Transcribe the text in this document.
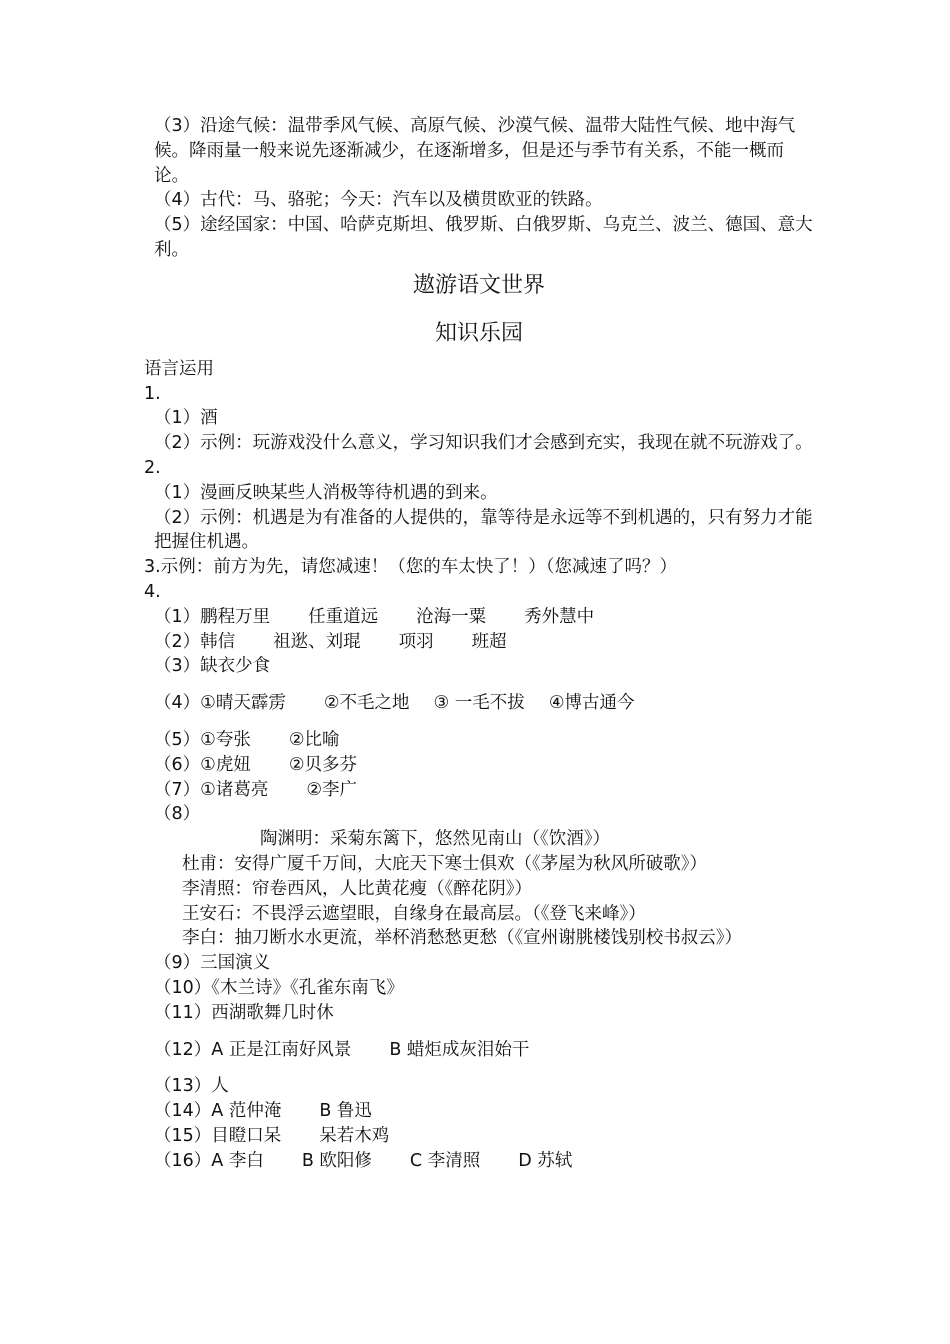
（3）沿途气候：温带季风气候、高原气候、沙漠气候、温带大陆性气候、地中海气候。降雨量一般来说先逐渐减少，在逐渐增多，但是还与季节有关系，不能一概而论。
（4）古代：马、骆驼；今天：汽车以及横贯欧亚的铁路。
（5）途经国家：中国、哈萨克斯坦、俄罗斯、白俄罗斯、乌克兰、波兰、德国、意大利。
遨游语文世界
知识乐园
语言运用
1.
（1）酒
（2）示例：玩游戏没什么意义，学习知识我们才会感到充实，我现在就不玩游戏了。
2.
（1）漫画反映某些人消极等待机遇的到来。
（2）示例：机遇是为有准备的人提供的，靠等待是永远等不到机遇的，只有努力才能把握住机遇。
3.示例：前方为先，请您减速！（您的车太快了！）（您减速了吗？）
4.
（1）鹏程万里 任重道远 沧海一粟 秀外慧中
（2）韩信 祖逖、刘琨 项羽 班超
（3）缺衣少食
（4）①晴天霹雳 ②不毛之地 ③ 一毛不拔 ④博古通今
（5）①夸张 ②比喻
（6）①虎妞 ②贝多芬
（7）①诸葛亮 ②李广
（8）
陶渊明：采菊东篱下，悠然见南山（《饮酒》）
杜甫：安得广厦千万间，大庇天下寒士俱欢（《茅屋为秋风所破歌》）
李清照：帘卷西风，人比黄花瘦（《醉花阴》）
王安石：不畏浮云遮望眼，自缘身在最高层。（《登飞来峰》）
李白：抽刀断水水更流，举杯消愁愁更愁（《宣州谢朓楼饯别校书叔云》）
（9）三国演义
（10）《木兰诗》《孔雀东南飞》
（11）西湖歌舞几时休
（12）A 正是江南好风景 B 蜡炬成灰泪始干
（13）人
（14）A 范仲淹 B 鲁迅
（15）目瞪口呆 呆若木鸡
（16）A 李白 B 欧阳修 C 李清照 D 苏轼
